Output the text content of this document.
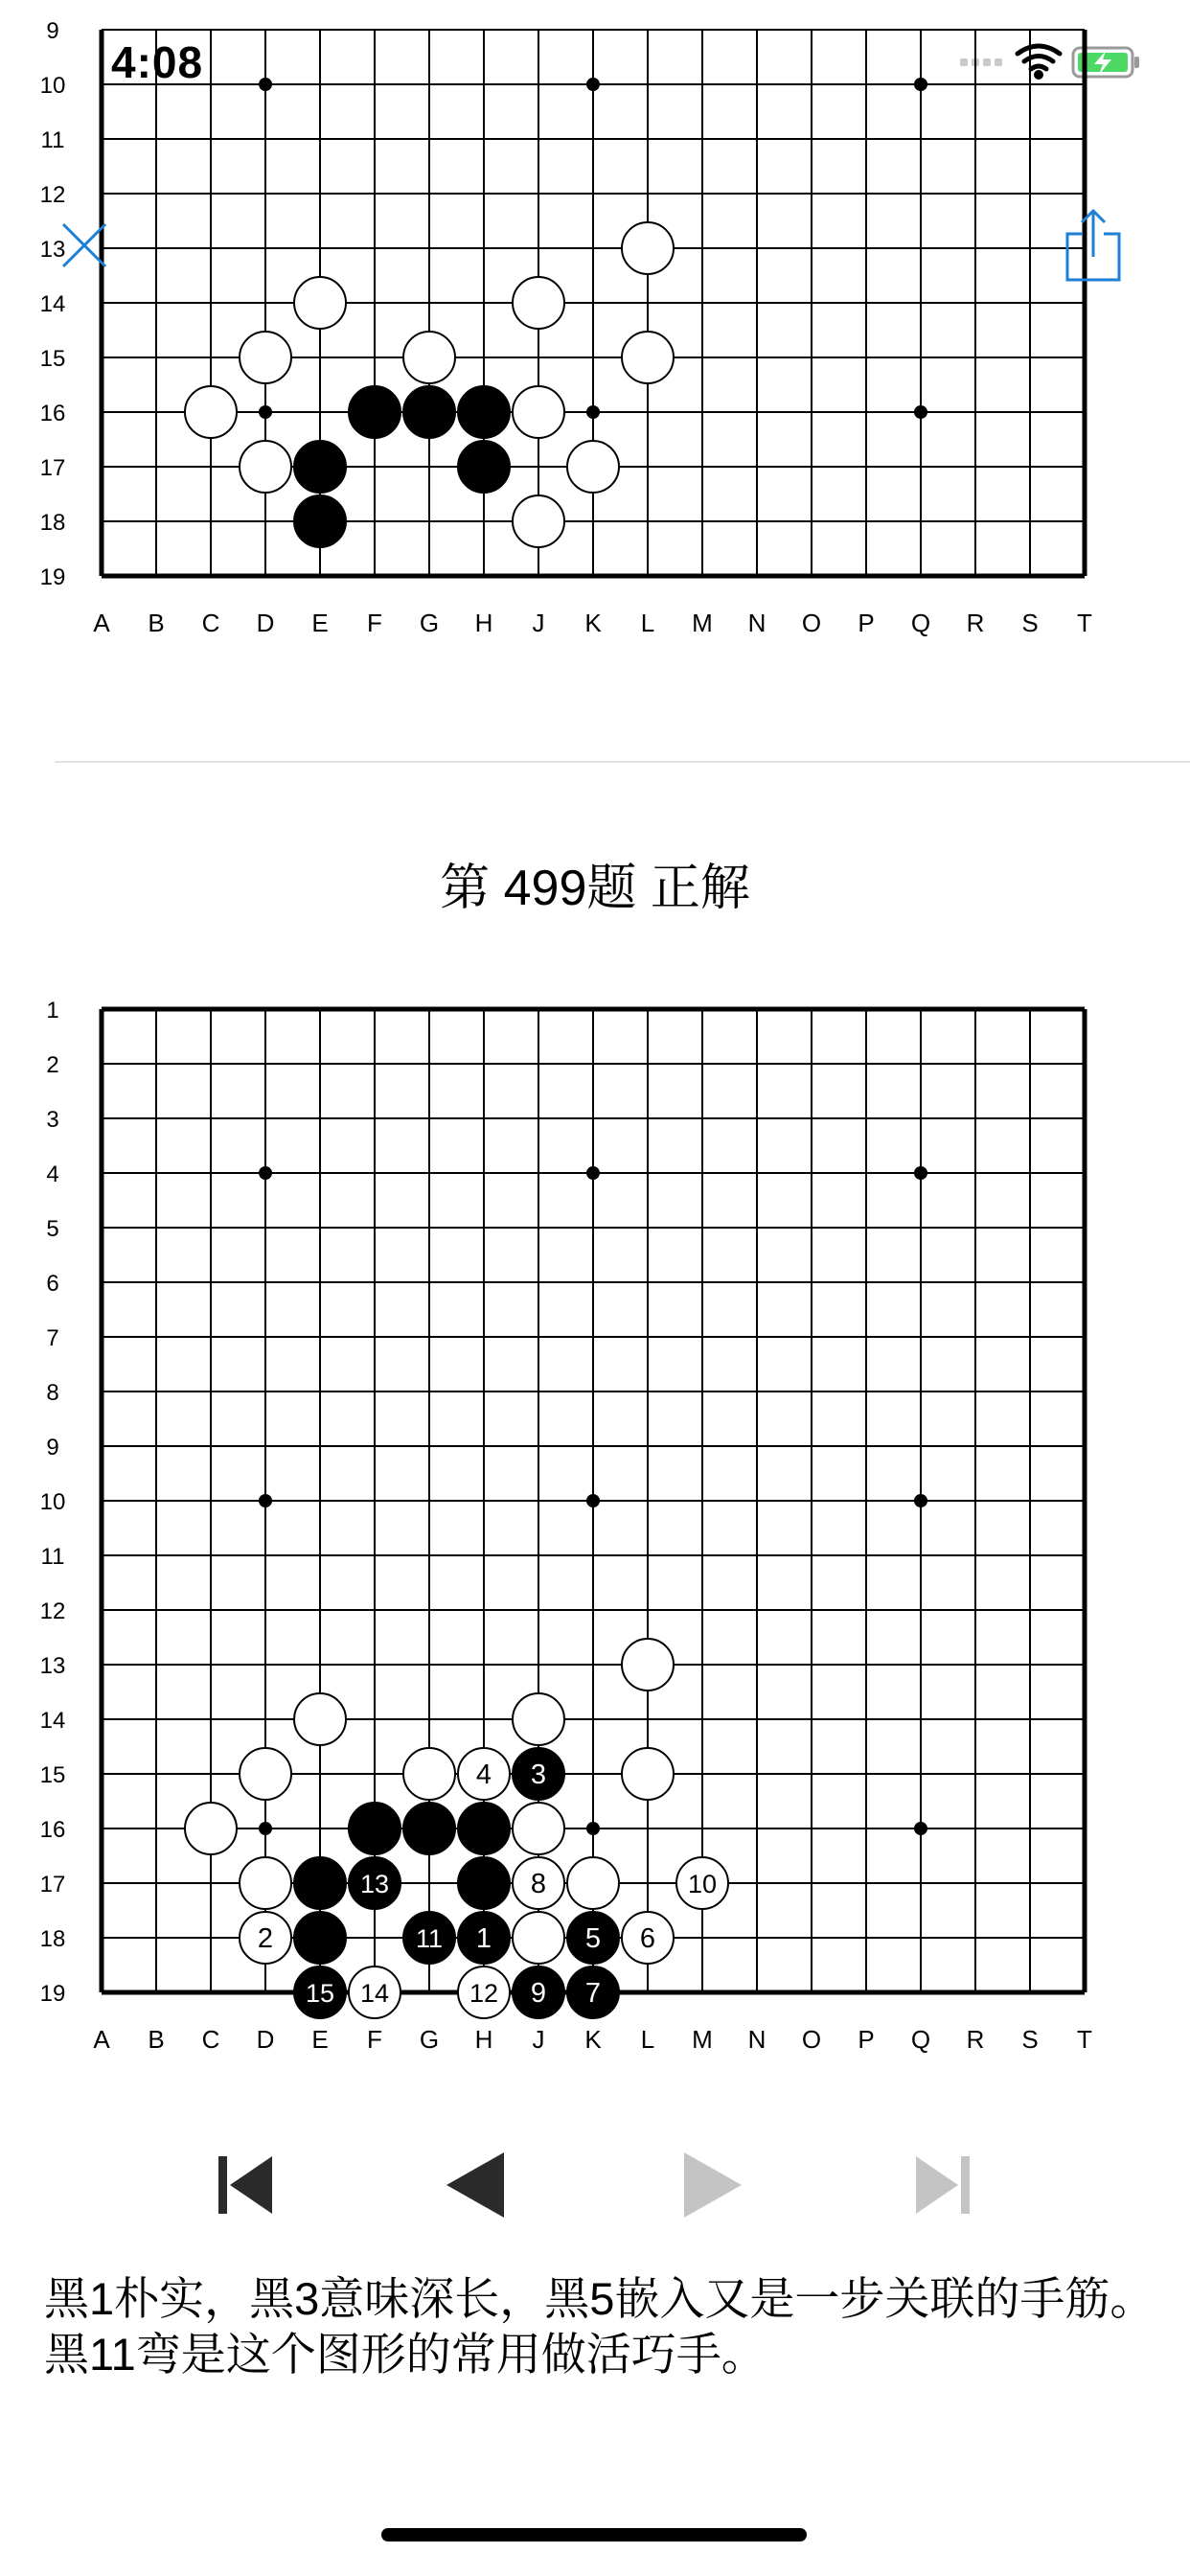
4:08
9
10
11
12
13
14
15
16
17
18
19
A B C D E F G H J K L M N O P Q R S T
第 499题 正解
1
2
3
4
5
6
7
8
9
10
11
12
13
14
15
16
17
18
19
A B C D E F G H J K L M N O P Q R S T
4 3
13	8	10
2	11 1	5 6
15 14	12 9 7
黑1朴实，黑3意味深长，黑5嵌入又是一步关联的手筋。黑11弯是这个图形的常用做活巧手。
